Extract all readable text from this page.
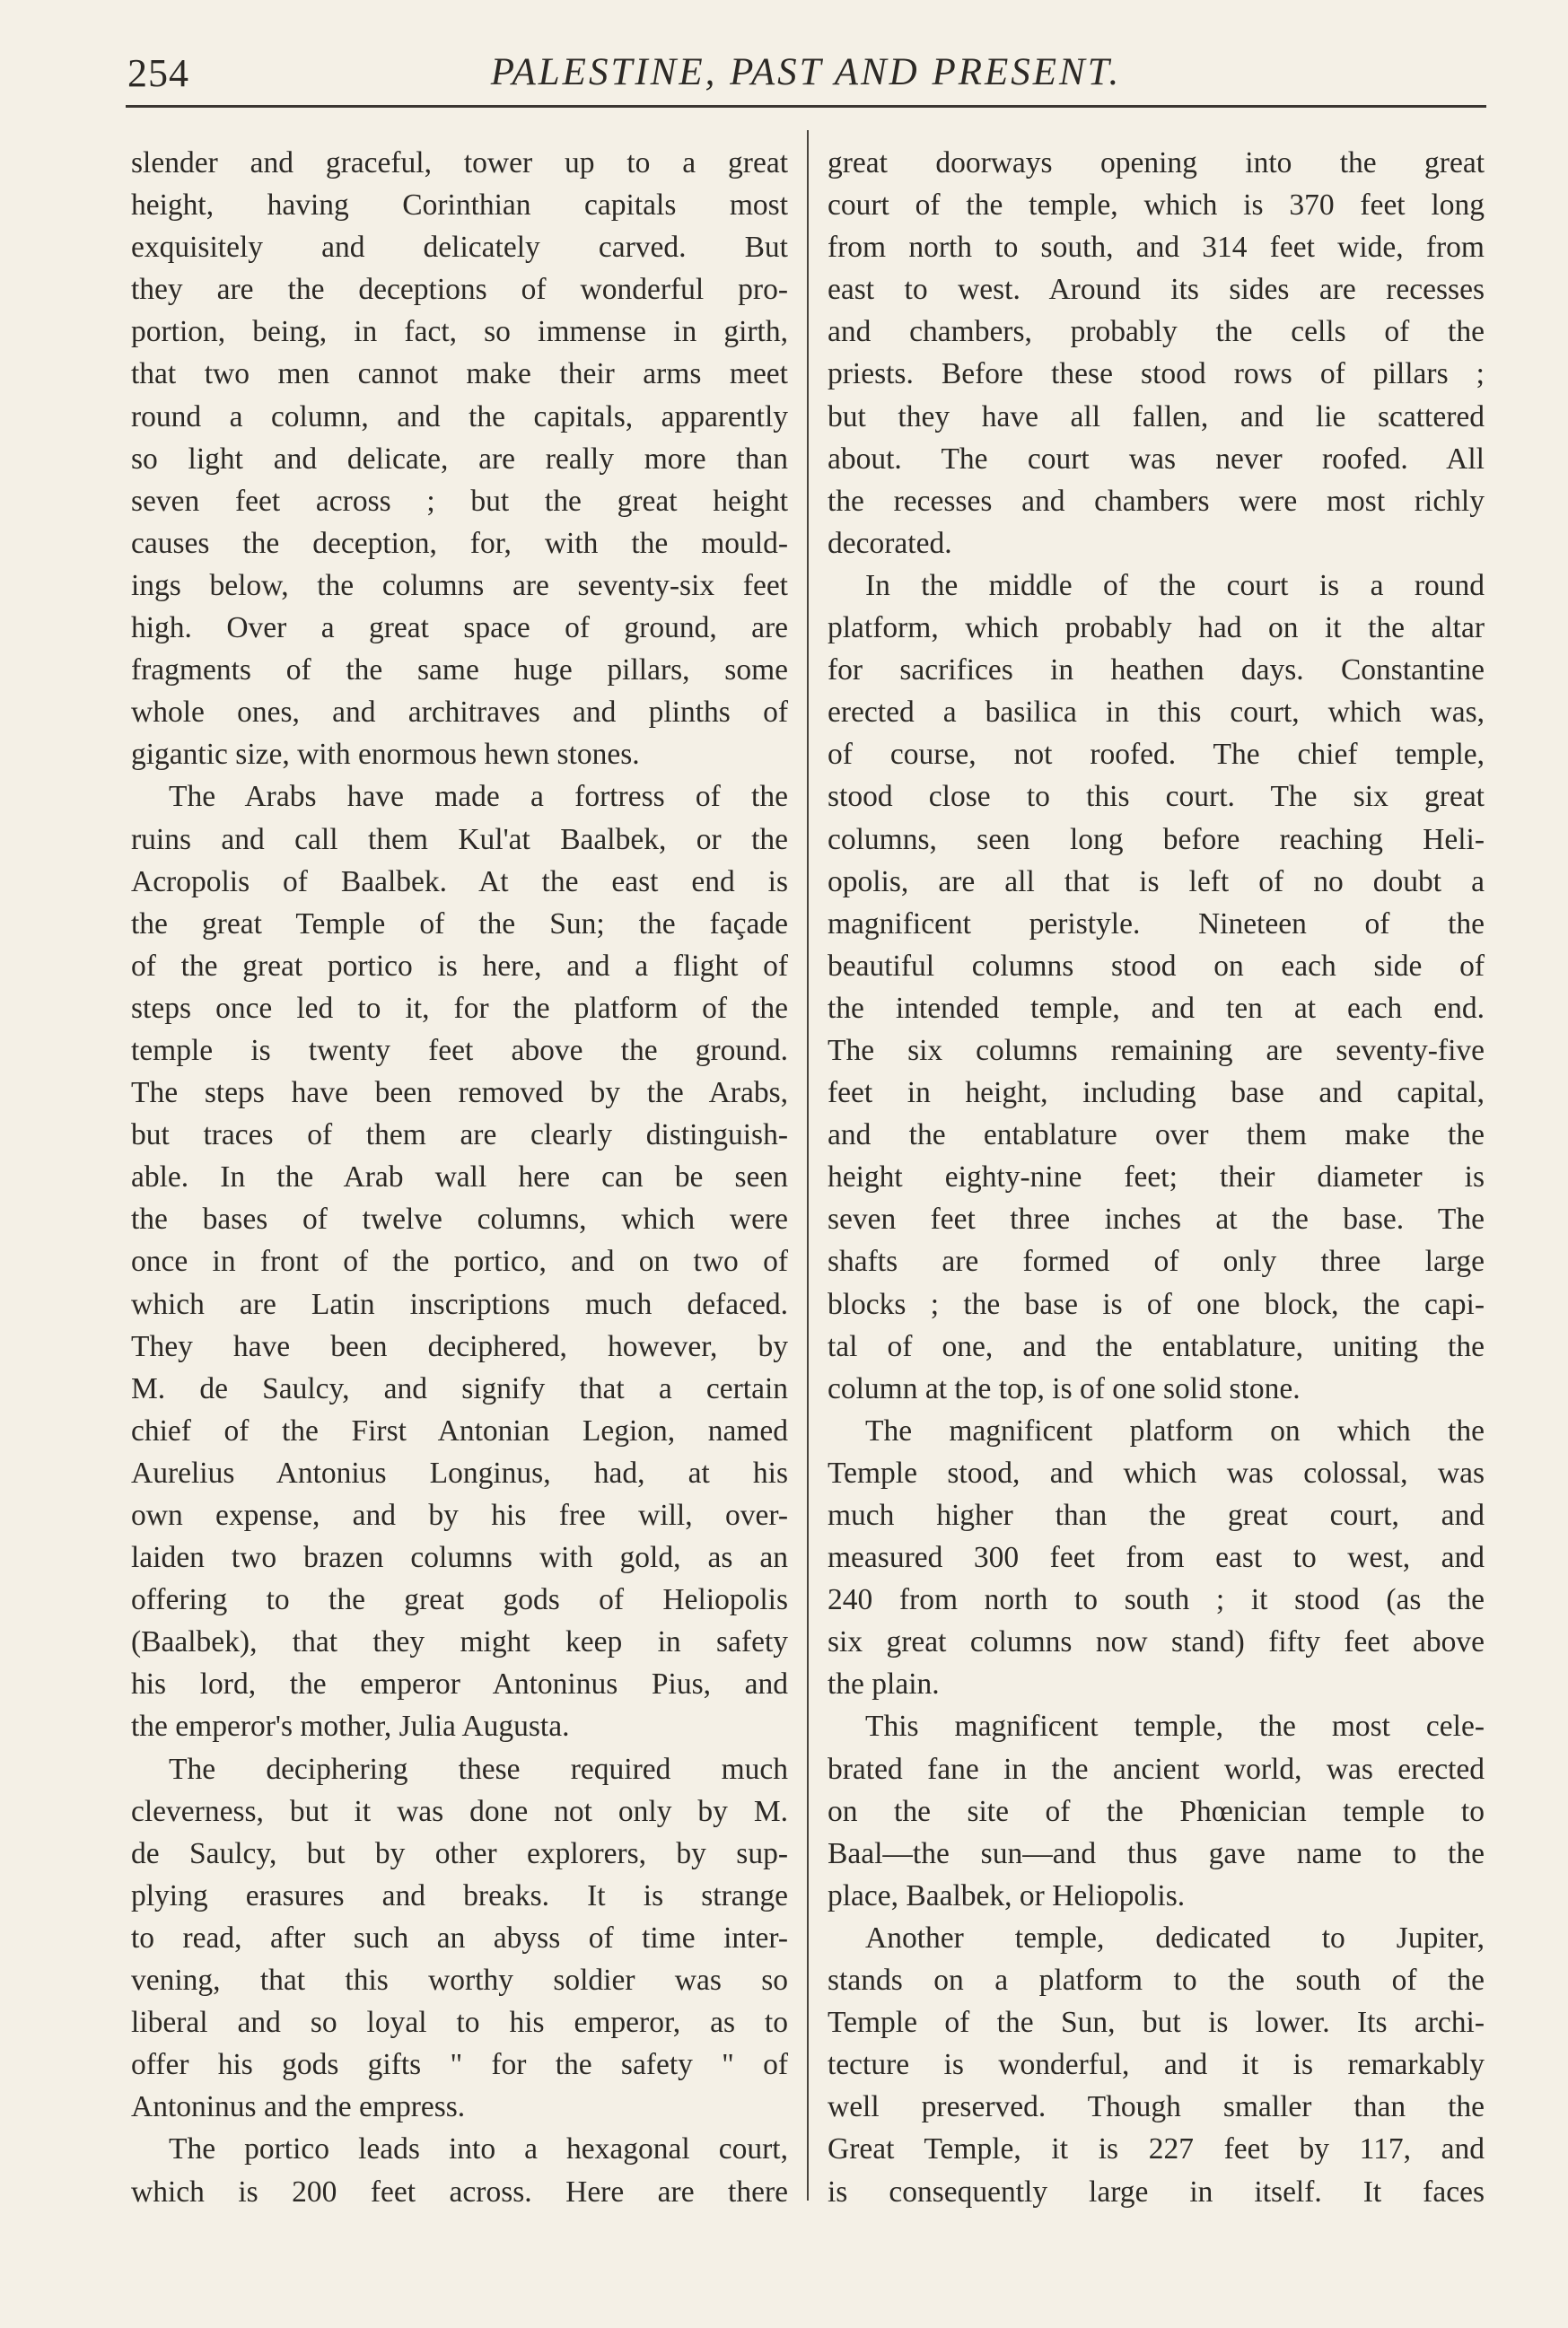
254	PALESTINE, PAST AND PRESENT.
slender and graceful, tower up to a great
height, having Corinthian capitals most
exquisitely and delicately carved. But
they are the deceptions of wonderful pro-
portion, being, in fact, so immense in girth,
that two men cannot make their arms meet
round a column, and the capitals, apparently
so light and delicate, are really more than
seven feet across ; but the great height
causes the deception, for, with the mould-
ings below, the columns are seventy-six feet
high. Over a great space of ground, are
fragments of the same huge pillars, some
whole ones, and architraves and plinths of
gigantic size, with enormous hewn stones.
The Arabs have made a fortress of the
ruins and call them Kul'at Baalbek, or the
Acropolis of Baalbek. At the east end is
the great Temple of the Sun; the façade
of the great portico is here, and a flight of
steps once led to it, for the platform of the
temple is twenty feet above the ground.
The steps have been removed by the Arabs,
but traces of them are clearly distinguish-
able. In the Arab wall here can be seen
the bases of twelve columns, which were
once in front of the portico, and on two of
which are Latin inscriptions much defaced.
They have been deciphered, however, by
M. de Saulcy, and signify that a certain
chief of the First Antonian Legion, named
Aurelius Antonius Longinus, had, at his
own expense, and by his free will, over-
laiden two brazen columns with gold, as an
offering to the great gods of Heliopolis
(Baalbek), that they might keep in safety
his lord, the emperor Antoninus Pius, and
the emperor's mother, Julia Augusta.
The deciphering these required much
cleverness, but it was done not only by M.
de Saulcy, but by other explorers, by sup-
plying erasures and breaks. It is strange
to read, after such an abyss of time inter-
vening, that this worthy soldier was so
liberal and so loyal to his emperor, as to
offer his gods gifts " for the safety " of
Antoninus and the empress.
The portico leads into a hexagonal court,
which is 200 feet across. Here are there
great doorways opening into the great
court of the temple, which is 370 feet long
from north to south, and 314 feet wide, from
east to west. Around its sides are recesses
and chambers, probably the cells of the
priests. Before these stood rows of pillars ;
but they have all fallen, and lie scattered
about. The court was never roofed. All
the recesses and chambers were most richly
decorated.
In the middle of the court is a round
platform, which probably had on it the altar
for sacrifices in heathen days. Constantine
erected a basilica in this court, which was,
of course, not roofed. The chief temple,
stood close to this court. The six great
columns, seen long before reaching Heli-
opolis, are all that is left of no doubt a
magnificent peristyle. Nineteen of the
beautiful columns stood on each side of
the intended temple, and ten at each end.
The six columns remaining are seventy-five
feet in height, including base and capital,
and the entablature over them make the
height eighty-nine feet; their diameter is
seven feet three inches at the base. The
shafts are formed of only three large
blocks ; the base is of one block, the capi-
tal of one, and the entablature, uniting the
column at the top, is of one solid stone.
The magnificent platform on which the
Temple stood, and which was colossal, was
much higher than the great court, and
measured 300 feet from east to west, and
240 from north to south ; it stood (as the
six great columns now stand) fifty feet above
the plain.
This magnificent temple, the most cele-
brated fane in the ancient world, was erected
on the site of the Phœnician temple to
Baal—the sun—and thus gave name to the
place, Baalbek, or Heliopolis.
Another temple, dedicated to Jupiter,
stands on a platform to the south of the
Temple of the Sun, but is lower. Its archi-
tecture is wonderful, and it is remarkably
well preserved. Though smaller than the
Great Temple, it is 227 feet by 117, and
is consequently large in itself. It faces
